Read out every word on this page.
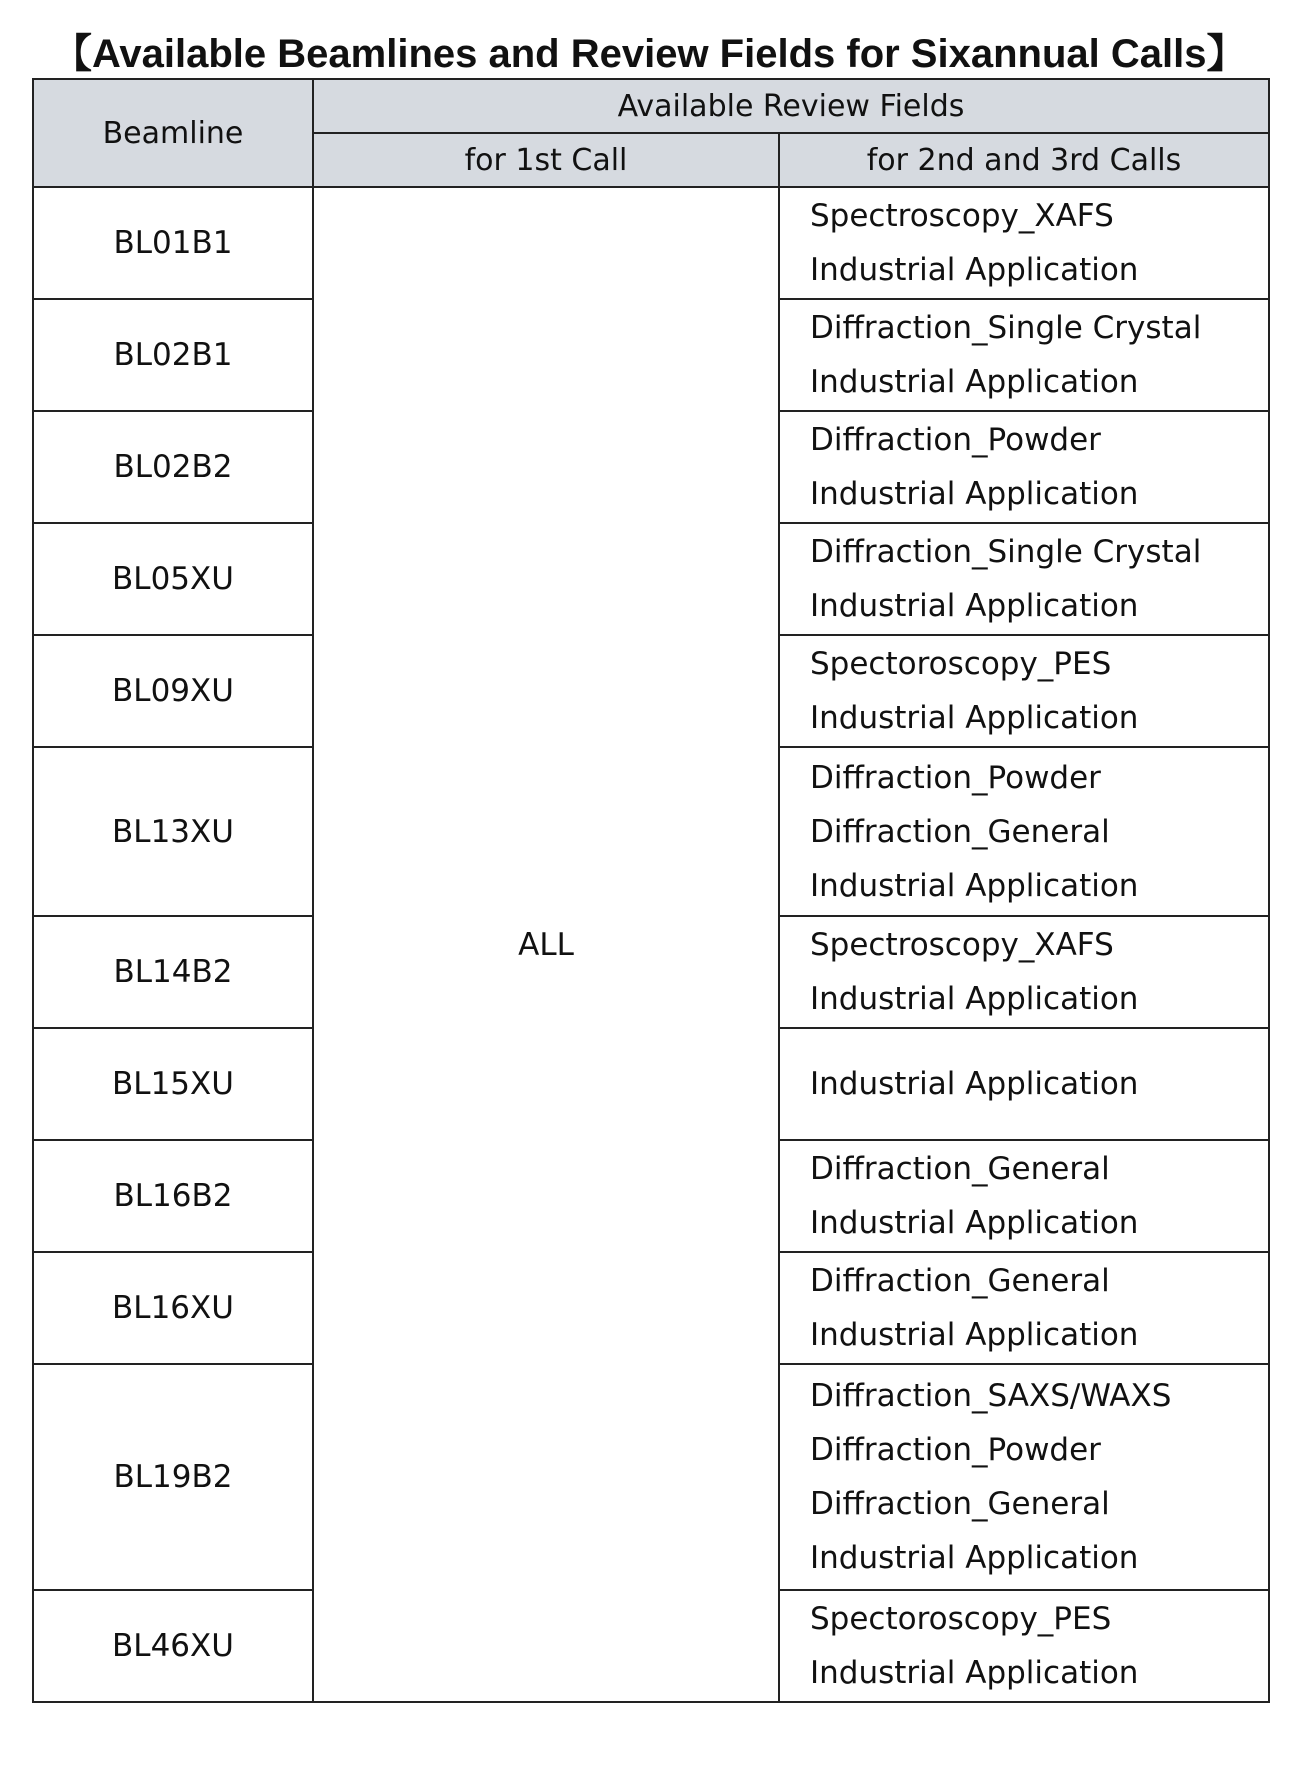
【Available Beamlines and Review Fields for Sixannual Calls】
Beamline	Available Review Fields	
	for 1st Call	for 2nd and 3rd Calls
BL01B1	ALL	Spectroscopy_XAFS
Industrial Application

BL02B1		Diffraction_Single Crystal
Industrial Application

BL02B2		Diffraction_Powder
Industrial Application

BL05XU		Diffraction_Single Crystal
Industrial Application

BL09XU		Spectoroscopy_PES
Industrial Application

BL13XU		Diffraction_Powder
Diffraction_General
Industrial Application

BL14B2		Spectroscopy_XAFS
Industrial Application

BL15XU		Industrial Application

BL16B2		Diffraction_General
Industrial Application

BL16XU		Diffraction_General
Industrial Application

BL19B2		Diffraction_SAXS/WAXS
Diffraction_Powder
Diffraction_General
Industrial Application

BL46XU		Spectoroscopy_PES
Industrial Application
